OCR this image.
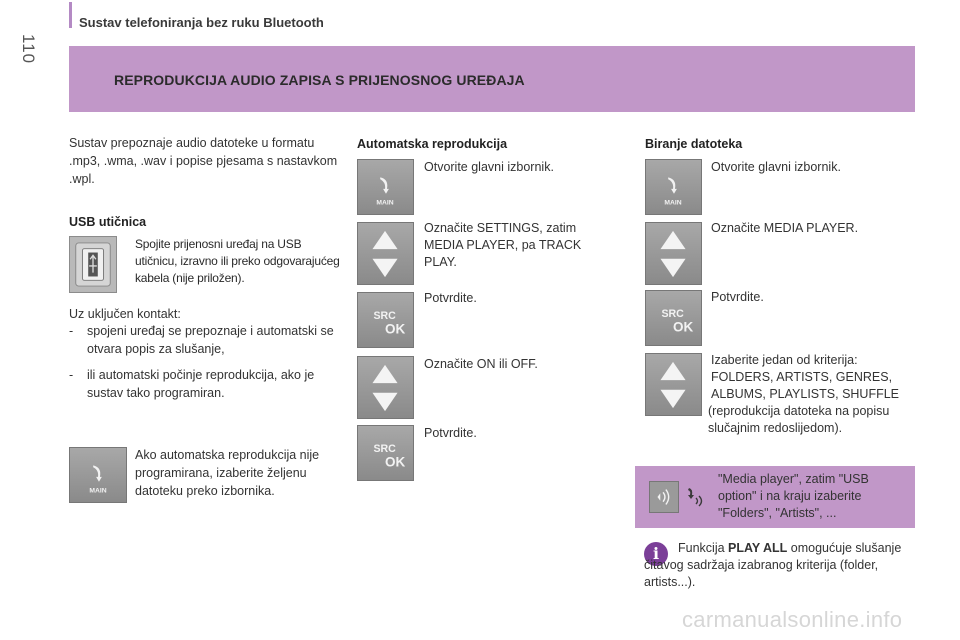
110
Sustav telefoniranja bez ruku Bluetooth
REPRODUKCIJA AUDIO ZAPISA S PRIJENOSNOG UREĐAJA
Sustav prepoznaje audio datoteke u formatu .mp3, .wma, .wav i popise pjesama s nastavkom .wpl.
USB utičnica
Spojite prijenosni uređaj na USB utičnicu, izravno ili preko odgovarajućeg kabela (nije priložen).
Uz uključen kontakt:
- spojeni uređaj se prepoznaje i automatski se otvara popis za slušanje,
- ili automatski počinje reprodukcija, ako je sustav tako programiran.
MAIN
Ako automatska reprodukcija nije programirana, izaberite željenu datoteku preko izbornika.
Automatska reprodukcija
MAIN
Otvorite glavni izbornik.
Označite SETTINGS, zatim MEDIA PLAYER, pa TRACK PLAY.
SRC
OK
Potvrdite.
Označite ON ili OFF.
SRC
OK
Potvrdite.
Biranje datoteka
MAIN
Otvorite glavni izbornik.
Označite MEDIA PLAYER.
SRC
OK
Potvrdite.
Izaberite jedan od kriterija: FOLDERS, ARTISTS, GENRES, ALBUMS, PLAYLISTS, SHUFFLE
(reprodukcija datoteka na popisu slučajnim redoslijedom).
"Media player", zatim "USB option" i na kraju izaberite "Folders", "Artists", ...
i	Funkcija PLAY ALL omogućuje slušanje čitavog sadržaja izabranog kriterija (folder, artists...).
carmanualsonline.info
